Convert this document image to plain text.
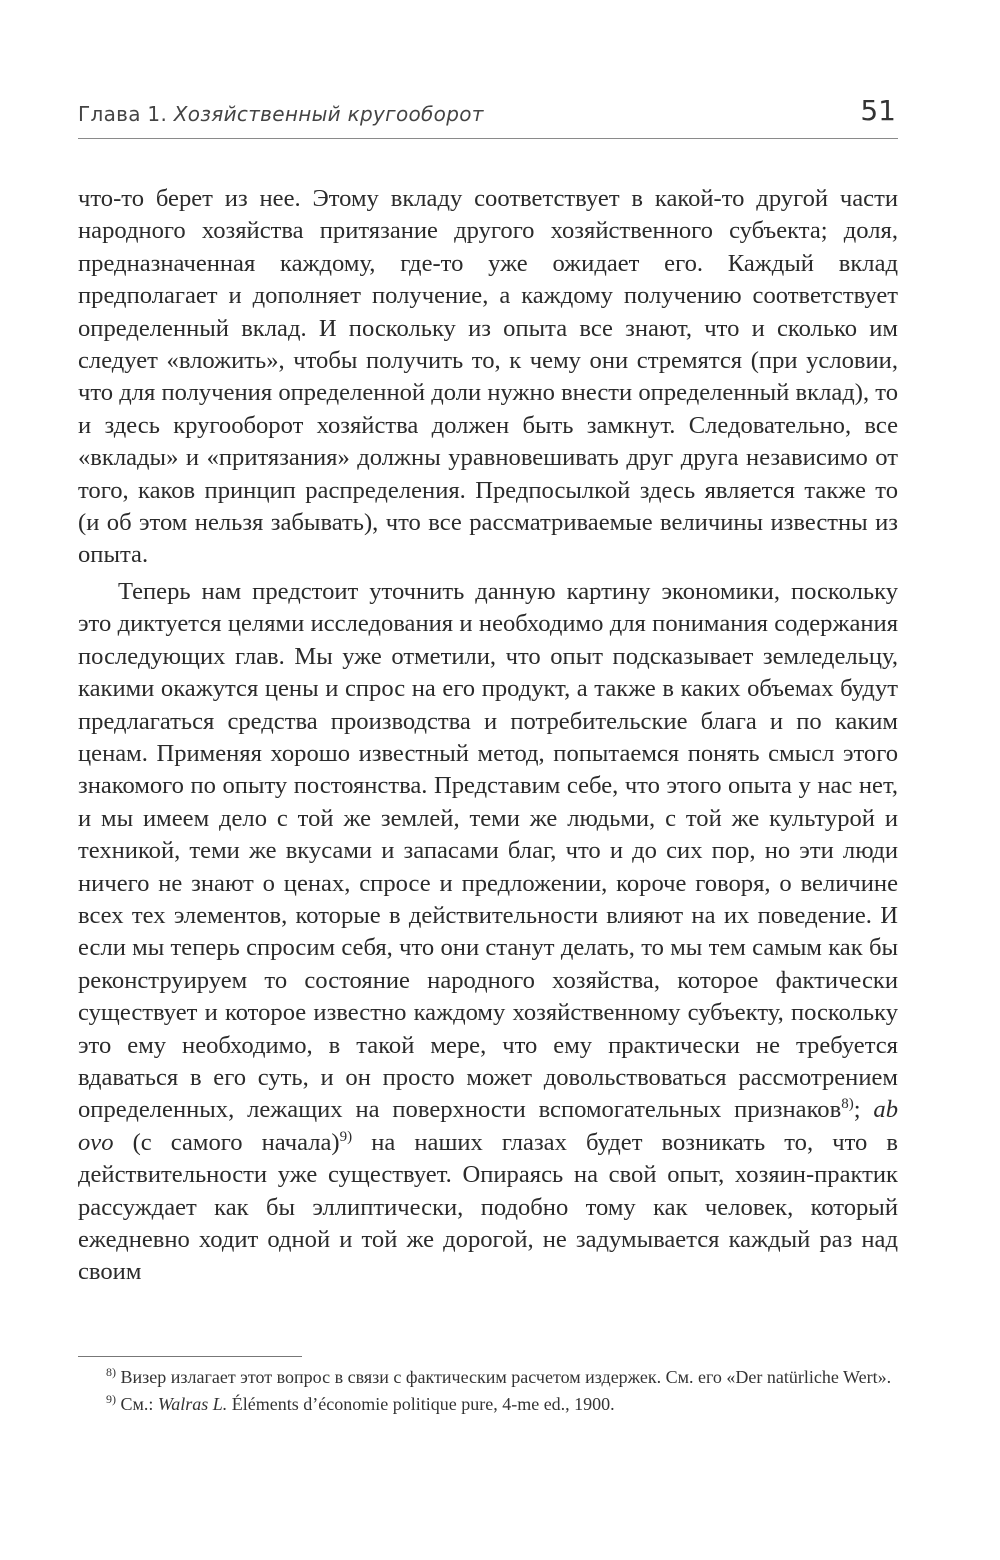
Глава 1. Хозяйственный кругооборот	51

что-то берет из нее. Этому вкладу соответствует в какой-то другой части народного хозяйства притязание другого хозяйственного субъекта; доля, предназначенная каждому, где-то уже ожидает его. Каждый вклад предполагает и дополняет получение, а каждому получению соответствует определенный вклад. И поскольку из опыта все знают, что и сколько им следует «вложить», чтобы получить то, к чему они стремятся (при условии, что для получения определенной доли нужно внести определенный вклад), то и здесь кругооборот хозяйства должен быть замкнут. Следовательно, все «вклады» и «притязания» должны уравновешивать друг друга независимо от того, каков принцип распределения. Предпосылкой здесь является также то (и об этом нельзя забывать), что все рассматриваемые величины известны из опыта.

Теперь нам предстоит уточнить данную картину экономики, поскольку это диктуется целями исследования и необходимо для понимания содержания последующих глав. Мы уже отметили, что опыт подсказывает земледельцу, какими окажутся цены и спрос на его продукт, а также в каких объемах будут предлагаться средства производства и потребительские блага и по каким ценам. Применяя хорошо известный метод, попытаемся понять смысл этого знакомого по опыту постоянства. Представим себе, что этого опыта у нас нет, и мы имеем дело с той же землей, теми же людьми, с той же культурой и техникой, теми же вкусами и запасами благ, что и до сих пор, но эти люди ничего не знают о ценах, спросе и предложении, короче говоря, о величине всех тех элементов, которые в действительности влияют на их поведение. И если мы теперь спросим себя, что они станут делать, то мы тем самым как бы реконструируем то состояние народного хозяйства, которое фактически существует и которое известно каждому хозяйственному субъекту, поскольку это ему необходимо, в такой мере, что ему практически не требуется вдаваться в его суть, и он просто может довольствоваться рассмотрением определенных, лежащих на поверхности вспомогательных признаков$^{8)}$; ab ovo (с самого начала)$^{9)}$ на наших глазах будет возникать то, что в действительности уже существует. Опираясь на свой опыт, хозяин-практик рассуждает как бы эллиптически, подобно тому как человек, который ежедневно ходит одной и той же дорогой, не задумывается каждый раз над своим

$^{8)}$ Визер излагает этот вопрос в связи с фактическим расчетом издержек. См. его «Der natürliche Wert».

$^{9)}$ См.: Walras L. Éléments d’économie politique pure, 4-me ed., 1900.
